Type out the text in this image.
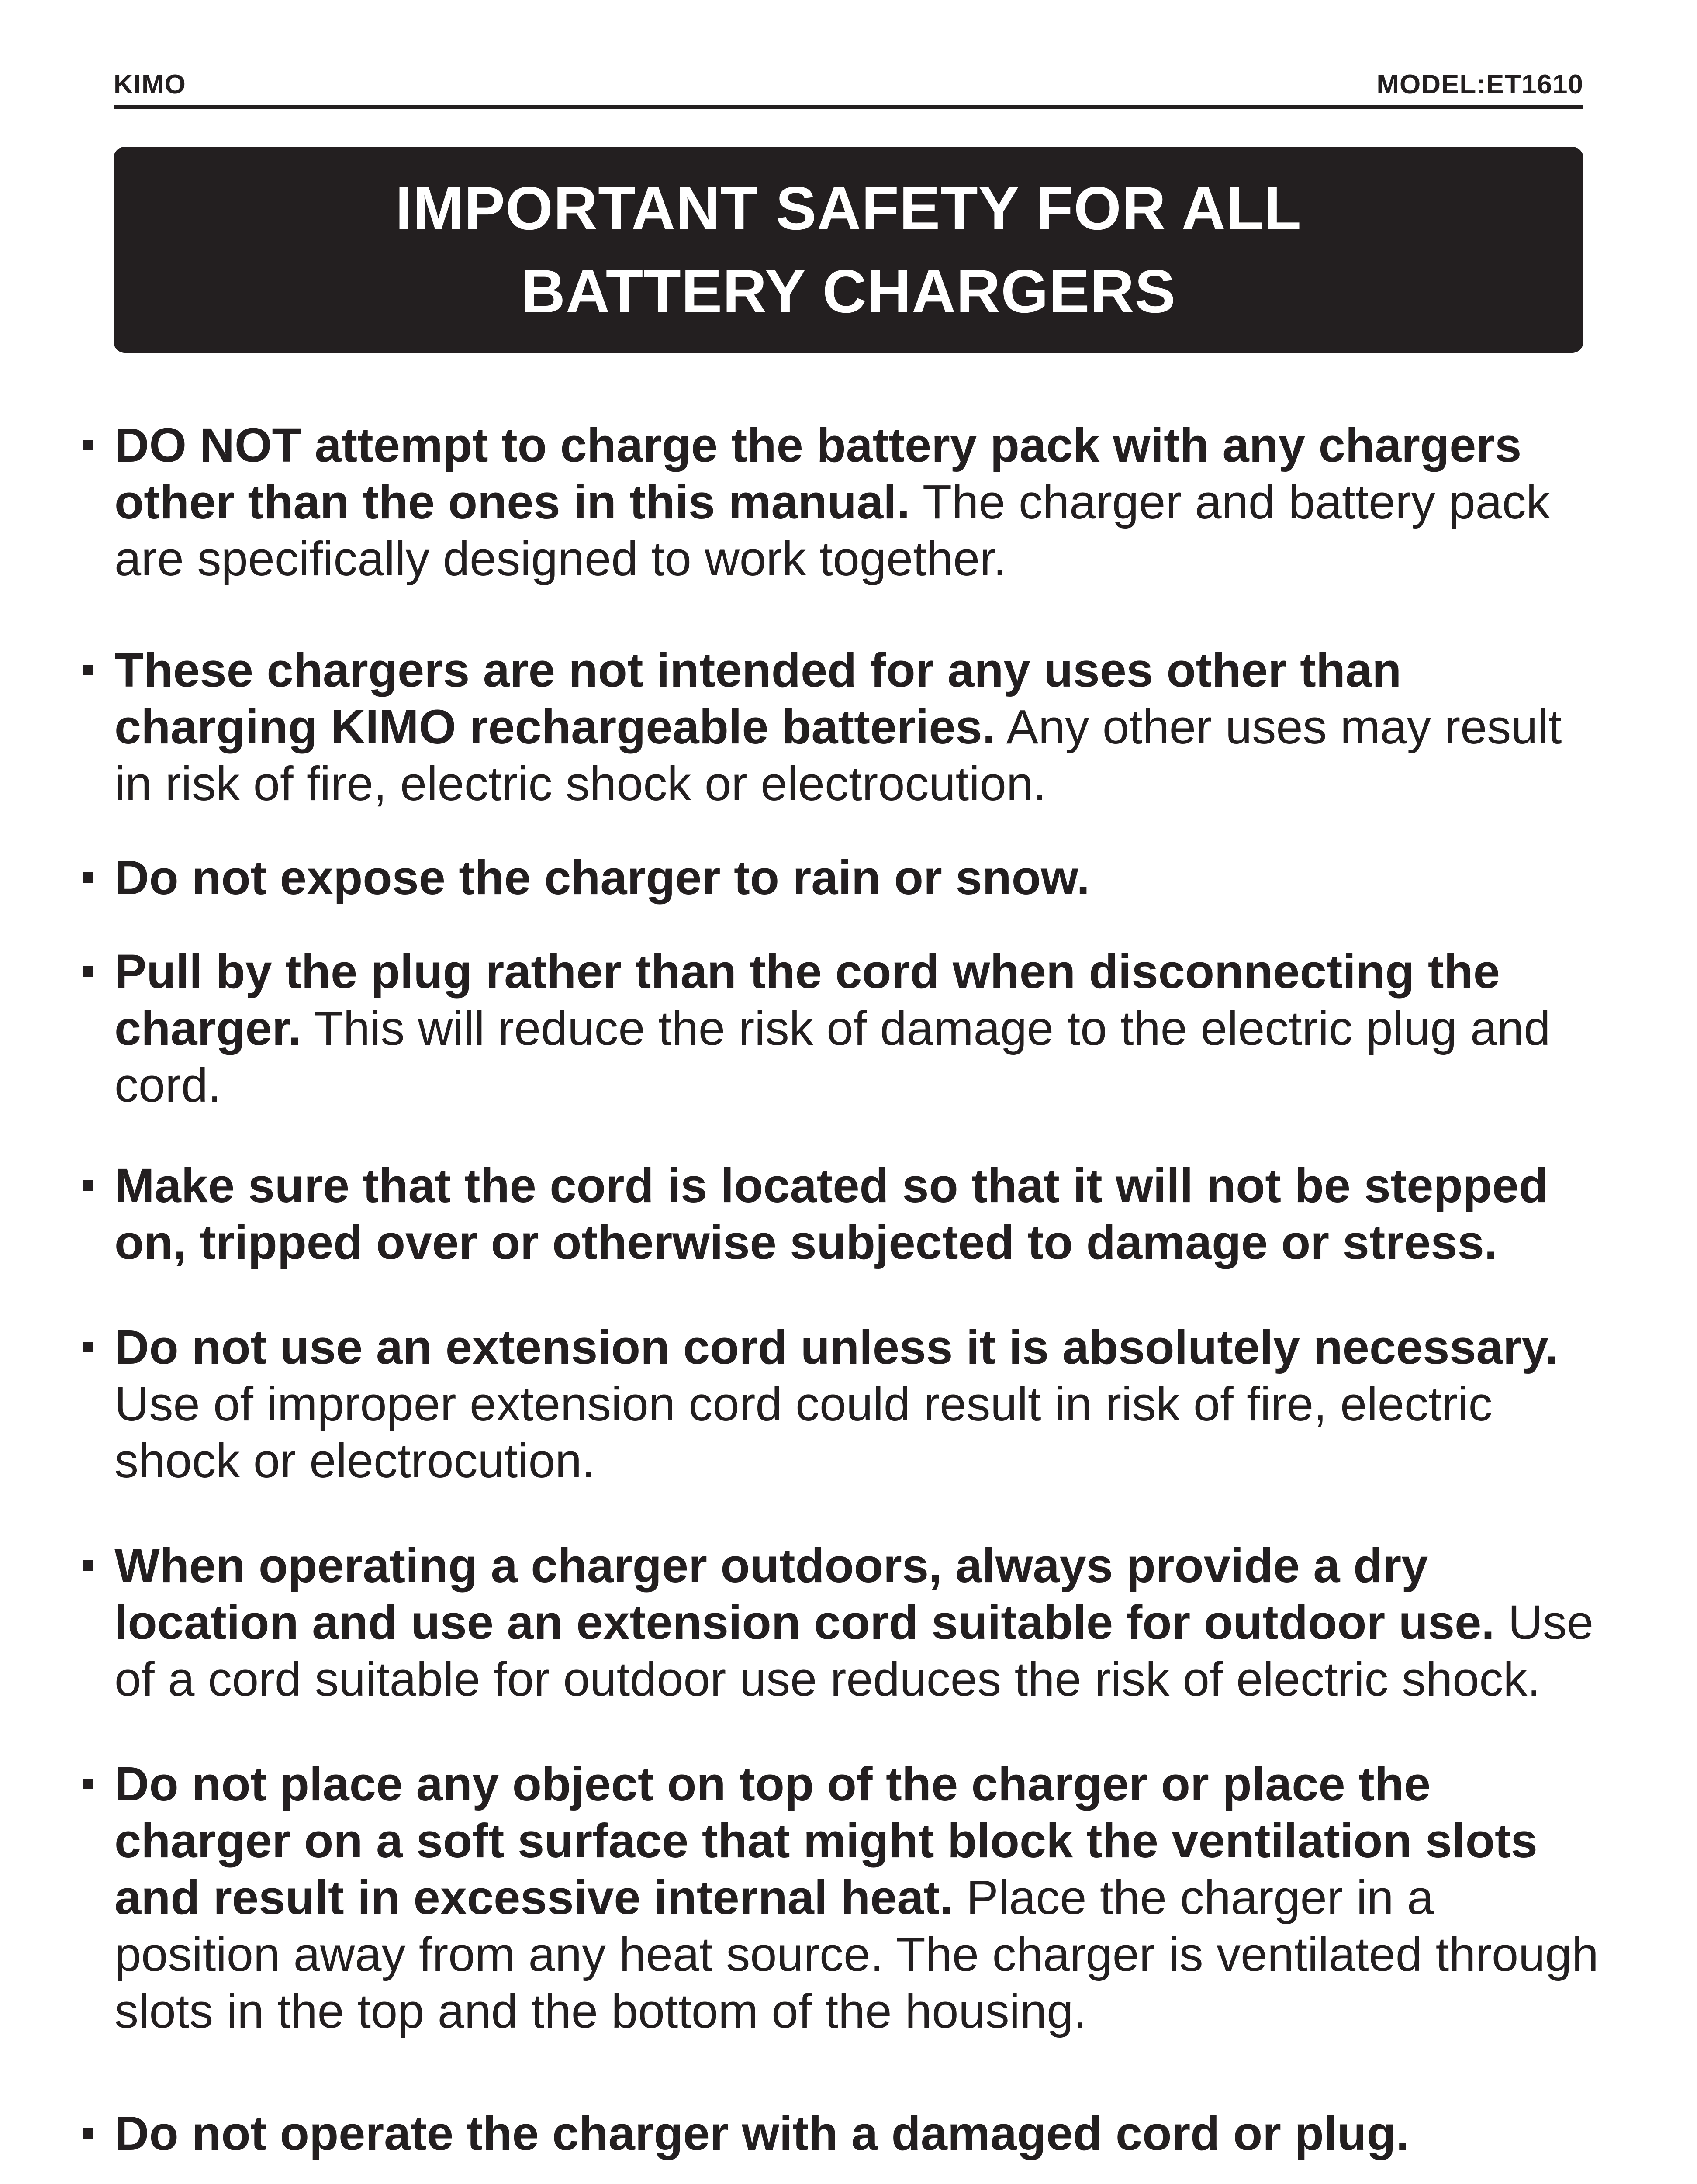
KIMO	MODEL:ET1610
IMPORTANT SAFETY FOR ALL
BATTERY CHARGERS
DO NOT attempt to charge the battery pack with any chargers other than the ones in this manual. The charger and battery pack are specifically designed to work together.
These chargers are not intended for any uses other than charging KIMO rechargeable batteries. Any other uses may result in risk of fire, electric shock or electrocution.
Do not expose the charger to rain or snow.
Pull by the plug rather than the cord when disconnecting the charger. This will reduce the risk of damage to the electric plug and cord.
Make sure that the cord is located so that it will not be stepped on, tripped over or otherwise subjected to damage or stress.
Do not use an extension cord unless it is absolutely necessary. Use of improper extension cord could result in risk of fire, electric shock or electrocution.
When operating a charger outdoors, always provide a dry location and use an extension cord suitable for outdoor use. Use of a cord suitable for outdoor use reduces the risk of electric shock.
Do not place any object on top of the charger or place the charger on a soft surface that might block the ventilation slots and result in excessive internal heat. Place the charger in a position away from any heat source. The charger is ventilated through slots in the top and the bottom of the housing.
Do not operate the charger with a damaged cord or plug.
